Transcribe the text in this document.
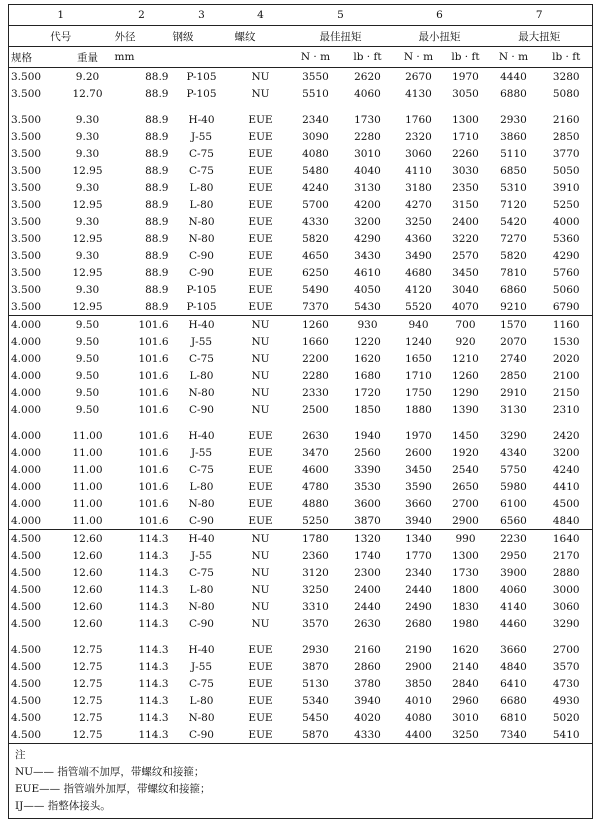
1		2	3	4	5		6		7	
代号		外径	钢级	螺纹	最佳扭矩		最小扭矩		最大扭矩	
规格	重量	mm			N · m	lb · ft	N · m	lb · ft	N · m	lb · ft

3.500	9.20	88.9	P-105	NU	3550	2620	2670	1970	4440	3280
3.500	12.70	88.9	P-105	NU	5510	4060	4130	3050	6880	5080

3.500	9.30	88.9	H-40	EUE	2340	1730	1760	1300	2930	2160
3.500	9.30	88.9	J-55	EUE	3090	2280	2320	1710	3860	2850
3.500	9.30	88.9	C-75	EUE	4080	3010	3060	2260	5110	3770
3.500	12.95	88.9	C-75	EUE	5480	4040	4110	3030	6850	5050
3.500	9.30	88.9	L-80	EUE	4240	3130	3180	2350	5310	3910
3.500	12.95	88.9	L-80	EUE	5700	4200	4270	3150	7120	5250
3.500	9.30	88.9	N-80	EUE	4330	3200	3250	2400	5420	4000
3.500	12.95	88.9	N-80	EUE	5820	4290	4360	3220	7270	5360
3.500	9.30	88.9	C-90	EUE	4650	3430	3490	2570	5820	4290
3.500	12.95	88.9	C-90	EUE	6250	4610	4680	3450	7810	5760
3.500	9.30	88.9	P-105	EUE	5490	4050	4120	3040	6860	5060
3.500	12.95	88.9	P-105	EUE	7370	5430	5520	4070	9210	6790

4.000	9.50	101.6	H-40	NU	1260	930	940	700	1570	1160
4.000	9.50	101.6	J-55	NU	1660	1220	1240	920	2070	1530
4.000	9.50	101.6	C-75	NU	2200	1620	1650	1210	2740	2020
4.000	9.50	101.6	L-80	NU	2280	1680	1710	1260	2850	2100
4.000	9.50	101.6	N-80	NU	2330	1720	1750	1290	2910	2150
4.000	9.50	101.6	C-90	NU	2500	1850	1880	1390	3130	2310

4.000	11.00	101.6	H-40	EUE	2630	1940	1970	1450	3290	2420
4.000	11.00	101.6	J-55	EUE	3470	2560	2600	1920	4340	3200
4.000	11.00	101.6	C-75	EUE	4600	3390	3450	2540	5750	4240
4.000	11.00	101.6	L-80	EUE	4780	3530	3590	2650	5980	4410
4.000	11.00	101.6	N-80	EUE	4880	3600	3660	2700	6100	4500
4.000	11.00	101.6	C-90	EUE	5250	3870	3940	2900	6560	4840

4.500	12.60	114.3	H-40	NU	1780	1320	1340	990	2230	1640
4.500	12.60	114.3	J-55	NU	2360	1740	1770	1300	2950	2170
4.500	12.60	114.3	C-75	NU	3120	2300	2340	1730	3900	2880
4.500	12.60	114.3	L-80	NU	3250	2400	2440	1800	4060	3000
4.500	12.60	114.3	N-80	NU	3310	2440	2490	1830	4140	3060
4.500	12.60	114.3	C-90	NU	3570	2630	2680	1980	4460	3290

4.500	12.75	114.3	H-40	EUE	2930	2160	2190	1620	3660	2700
4.500	12.75	114.3	J-55	EUE	3870	2860	2900	2140	4840	3570
4.500	12.75	114.3	C-75	EUE	5130	3780	3850	2840	6410	4730
4.500	12.75	114.3	L-80	EUE	5340	3940	4010	2960	6680	4930
4.500	12.75	114.3	N-80	EUE	5450	4020	4080	3010	6810	5020
4.500	12.75	114.3	C-90	EUE	5870	4330	4400	3250	7340	5410

注
NU—— 指管端不加厚，带螺纹和接箍；
EUE—— 指管端外加厚，带螺纹和接箍；
IJ—— 指整体接头。										
